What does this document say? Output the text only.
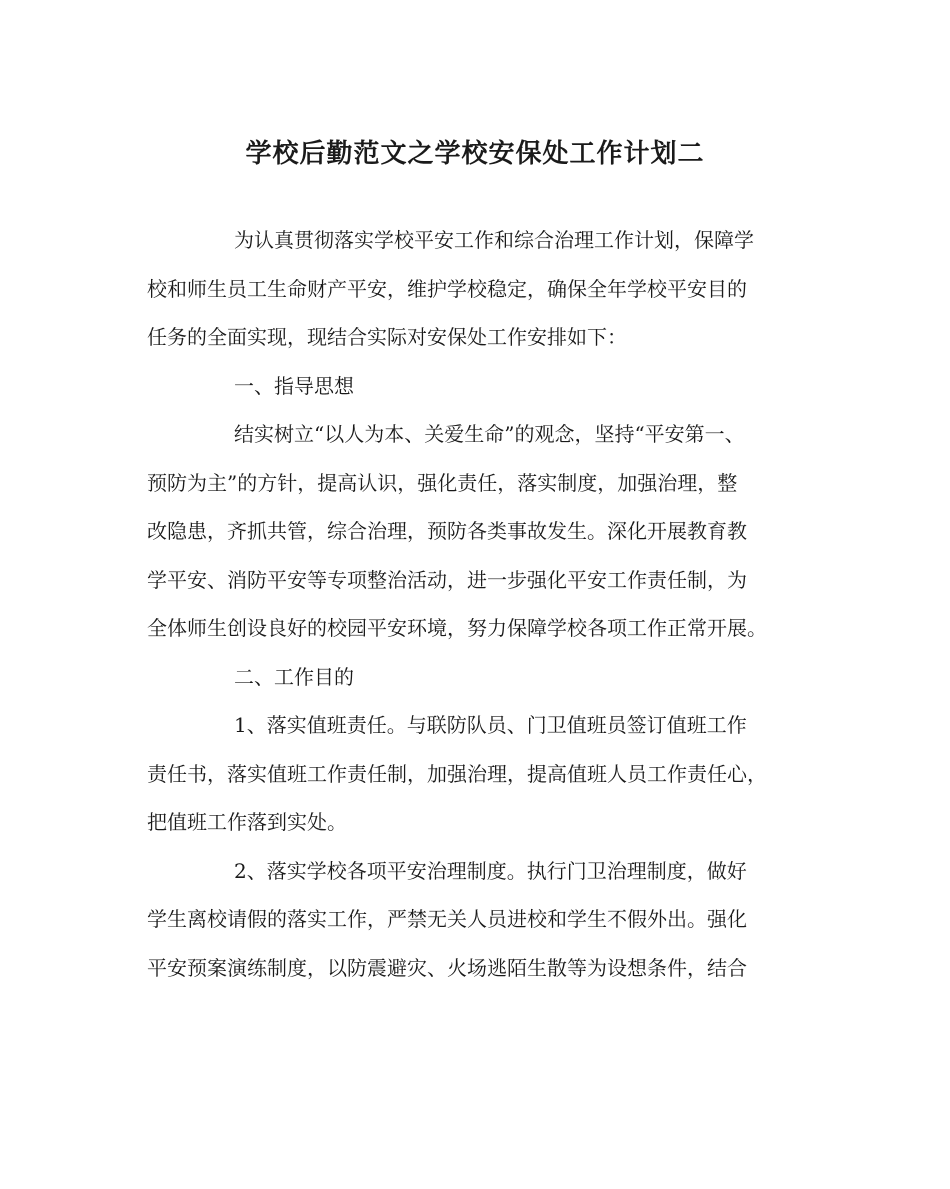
学校后勤范文之学校安保处工作计划二
为认真贯彻落实学校平安工作和综合治理工作计划，保障学
校和师生员工生命财产平安，维护学校稳定，确保全年学校平安目的
任务的全面实现，现结合实际对安保处工作安排如下：
一、指导思想
结实树立“以人为本、关爱生命”的观念，坚持“平安第一、
预防为主”的方针，提高认识，强化责任，落实制度，加强治理，整
改隐患，齐抓共管，综合治理，预防各类事故发生。深化开展教育教
学平安、消防平安等专项整治活动，进一步强化平安工作责任制，为
全体师生创设良好的校园平安环境，努力保障学校各项工作正常开展。
二、工作目的
1、落实值班责任。与联防队员、门卫值班员签订值班工作
责任书，落实值班工作责任制，加强治理，提高值班人员工作责任心，
把值班工作落到实处。
2、落实学校各项平安治理制度。执行门卫治理制度，做好
学生离校请假的落实工作，严禁无关人员进校和学生不假外出。强化
平安预案演练制度，以防震避灾、火场逃陌生散等为设想条件，结合
